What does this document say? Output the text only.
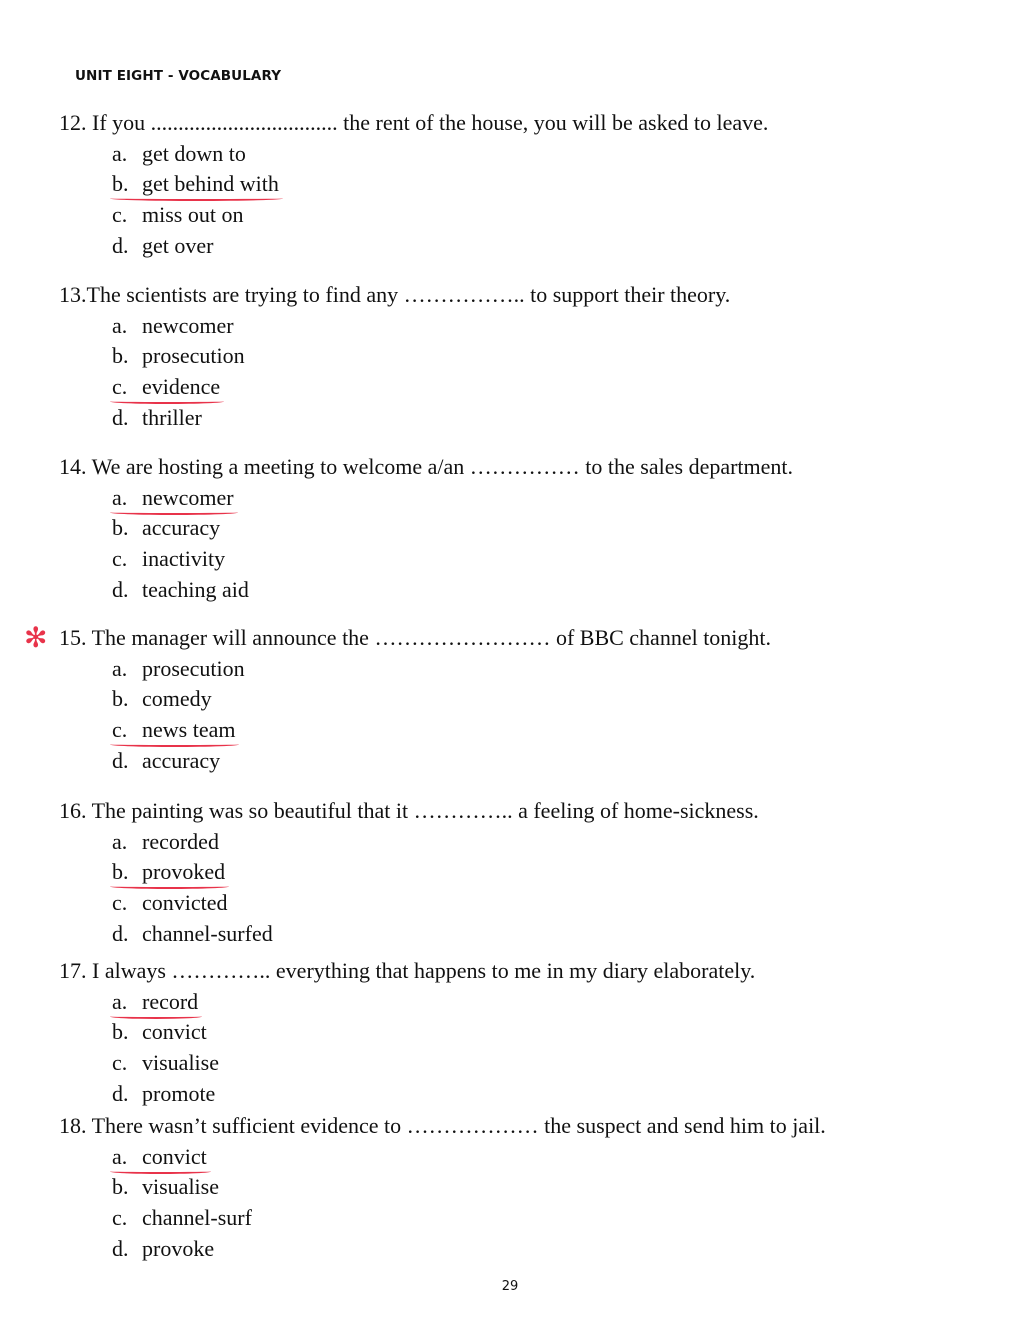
UNIT EIGHT - VOCABULARY
✻
12. If you .................................. the rent of the house, you will be asked to leave.
a. get down to
b. get behind with
c. miss out on
d. get over
13.The scientists are trying to find any …………….. to support their theory.
a. newcomer
b. prosecution
c. evidence
d. thriller
14. We are hosting a meeting to welcome a/an …………… to the sales department.
a. newcomer
b. accuracy
c. inactivity
d. teaching aid
15. The manager will announce the …………………… of BBC channel tonight.
a. prosecution
b. comedy
c. news team
d. accuracy
16. The painting was so beautiful that it ………….. a feeling of home-sickness.
a. recorded
b. provoked
c. convicted
d. channel-surfed
17. I always ………….. everything that happens to me in my diary elaborately.
a. record
b. convict
c. visualise
d. promote
18. There wasn’t sufficient evidence to ……………… the suspect and send him to jail.
a. convict
b. visualise
c. channel-surf
d. provoke
29
